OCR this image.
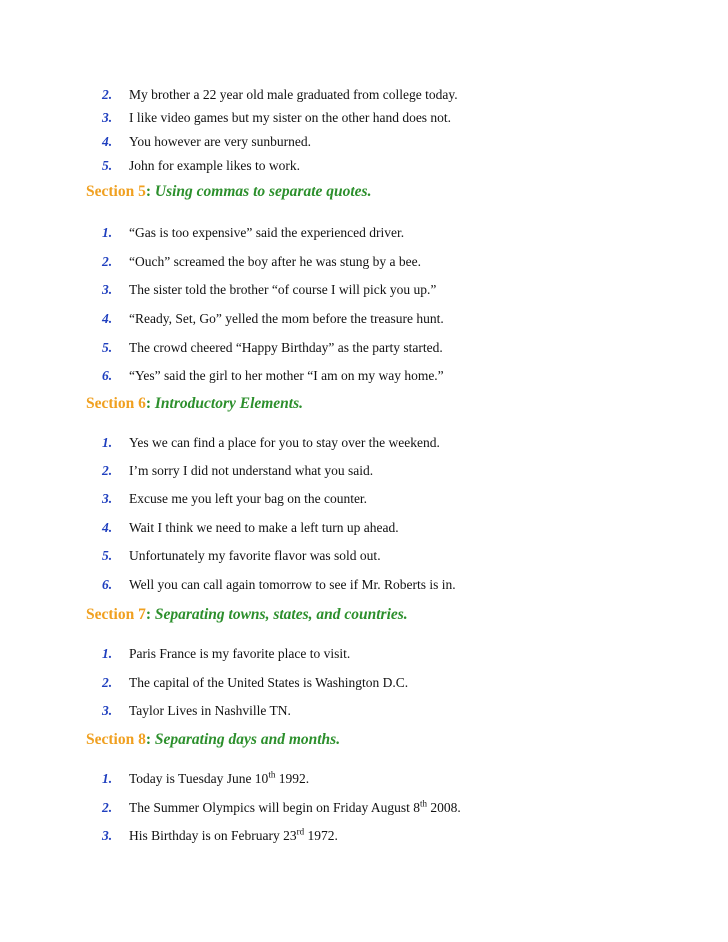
2.	My brother a 22 year old male graduated from college today.
3.	I like video games but my sister on the other hand does not.
4.	You however are very sunburned.
5.	John for example likes to work.
Section 5: Using commas to separate quotes.
1.	“Gas is too expensive” said the experienced driver.
2.	“Ouch” screamed the boy after he was stung by a bee.
3.	The sister told the brother “of course I will pick you up.”
4.	“Ready, Set, Go” yelled the mom before the treasure hunt.
5.	The crowd cheered “Happy Birthday” as the party started.
6.	“Yes” said the girl to her mother “I am on my way home.”
Section 6: Introductory Elements.
1.	Yes we can find a place for you to stay over the weekend.
2.	I’m sorry I did not understand what you said.
3.	Excuse me you left your bag on the counter.
4.	Wait I think we need to make a left turn up ahead.
5.	Unfortunately my favorite flavor was sold out.
6.	Well you can call again tomorrow to see if Mr. Roberts is in.
Section 7: Separating towns, states, and countries.
1.	Paris France is my favorite place to visit.
2.	The capital of the United States is Washington D.C.
3.	Taylor Lives in Nashville TN.
Section 8: Separating days and months.
1.	Today is Tuesday June 10th 1992.
2.	The Summer Olympics will begin on Friday August 8th 2008.
3.	His Birthday is on February 23rd 1972.
